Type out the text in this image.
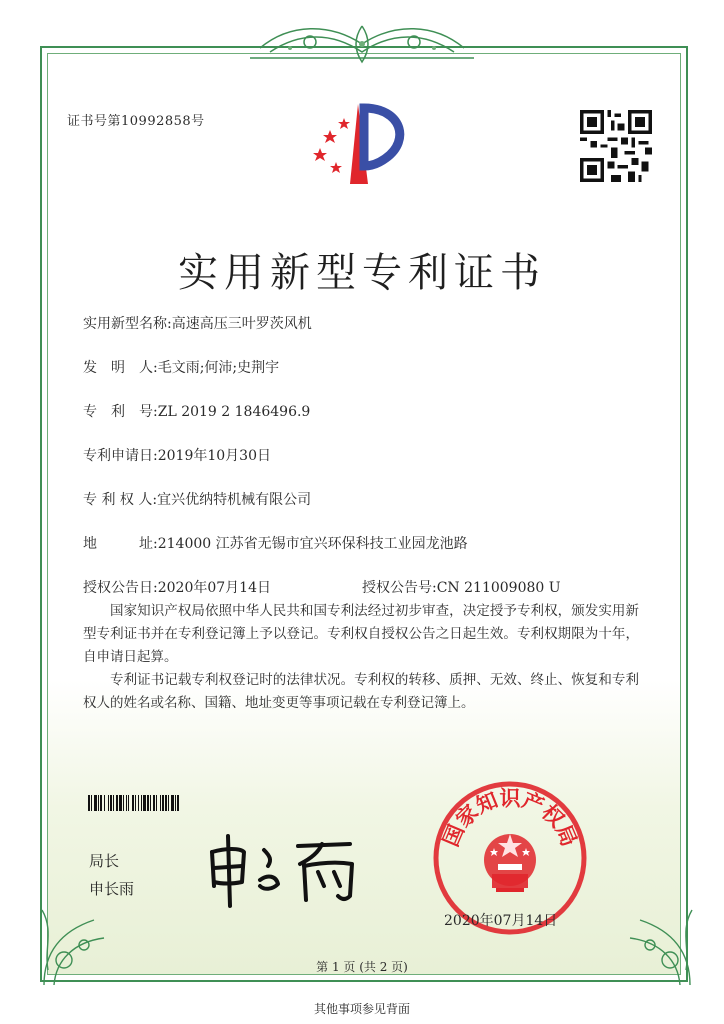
证书号第10992858号
实用新型专利证书
实用新型名称:高速高压三叶罗茨风机
发　明　人:毛文雨;何沛;史荆宇
专　利　号:ZL 2019 2 1846496.9
专利申请日:2019年10月30日
专 利 权 人:宜兴优纳特机械有限公司
地　　　址:214000 江苏省无锡市宜兴环保科技工业园龙池路
授权公告日:2020年07月14日	授权公告号:CN 211009080 U

国家知识产权局依照中华人民共和国专利法经过初步审查，决定授予专利权，颁发实用新型专利证书并在专利登记簿上予以登记。专利权自授权公告之日起生效。专利权期限为十年，自申请日起算。

专利证书记载专利权登记时的法律状况。专利权的转移、质押、无效、终止、恢复和专利权人的姓名或名称、国籍、地址变更等事项记载在专利登记簿上。

局长
申长雨
国家知识产权局
2020年07月14日
第 1 页 (共 2 页)
其他事项参见背面
